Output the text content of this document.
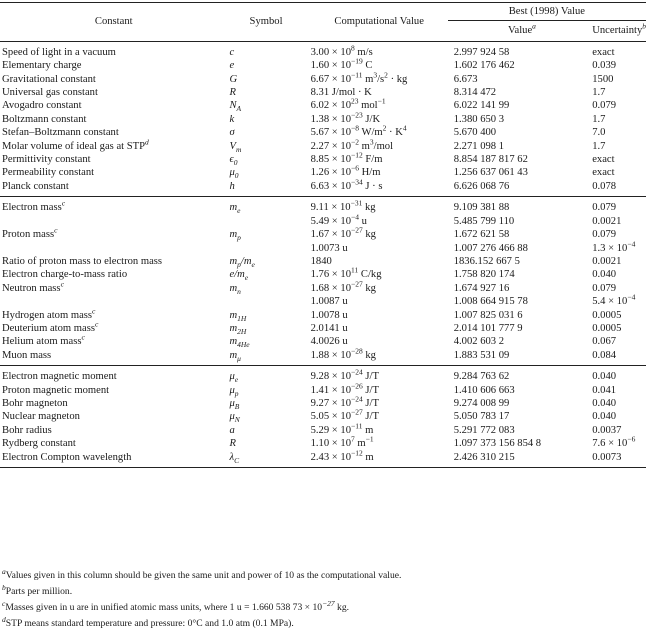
Constant	Symbol	Computational Value	Best (1998) Value	
			Value$^a$	Uncertainty$^b$
Speed of light in a vacuum	c	$3.00 \times 10^8$ m/s	2.997 924 58	exact
Elementary charge	e	$1.60 \times 10^{-19}$ C	1.602 176 462	0.039
Gravitational constant	G	$6.67 \times 10^{-11}$ $m^3/s^2$ · kg	6.673	1500
Universal gas constant	R	8.31 J/mol · K	8.314 472	1.7
Avogadro constant	$N_A$	$6.02 \times 10^{23}$ mol$^{-1}$	6.022 141 99	0.079
Boltzmann constant	k	$1.38 \times 10^{-23}$ J/K	1.380 650 3	1.7
Stefan–Boltzmann constant	σ	$5.67 \times 10^{-8}$ $W/m^2 \cdot K^4$	5.670 400	7.0
Molar volume of ideal gas at STP$^d$	$V_m$	$2.27 \times 10^{-2}$ $m^3$/mol	2.271 098 1	1.7
Permittivity constant	$\epsilon_0$	$8.85 \times 10^{-12}$ F/m	8.854 187 817 62	exact
Permeability constant	$\mu_0$	$1.26 \times 10^{-6}$ H/m	1.256 637 061 43	exact
Planck constant	h	$6.63 \times 10^{-34}$ J · s	6.626 068 76	0.078
Electron mass$^c$	$m_e$	$9.11 \times 10^{-31}$ kg	9.109 381 88	0.079
		$5.49 \times 10^{-4}$ u	5.485 799 110	0.0021
Proton mass$^c$	$m_p$	$1.67 \times 10^{-27}$ kg	1.672 621 58	0.079
		1.0073 u	1.007 276 466 88	$1.3 \times 10^{-4}$
Ratio of proton mass to electron mass	$m_p/m_e$	1840	1836.152 667 5	0.0021
Electron charge-to-mass ratio	$e/m_e$	$1.76 \times 10^{11}$ C/kg	1.758 820 174	0.040
Neutron mass$^c$	$m_n$	$1.68 \times 10^{-27}$ kg	1.674 927 16	0.079
		1.0087 u	1.008 664 915 78	$5.4 \times 10^{-4}$
Hydrogen atom mass$^c$	$m_{1H}$	1.0078 u	1.007 825 031 6	0.0005
Deuterium atom mass$^c$	$m_{2H}$	2.0141 u	2.014 101 777 9	0.0005
Helium atom mass$^c$	$m_{4He}$	4.0026 u	4.002 603 2	0.067
Muon mass	$m_\mu$	$1.88 \times 10^{-28}$ kg	1.883 531 09	0.084
Electron magnetic moment	$\mu_e$	$9.28 \times 10^{-24}$ J/T	9.284 763 62	0.040
Proton magnetic moment	$\mu_p$	$1.41 \times 10^{-26}$ J/T	1.410 606 663	0.041
Bohr magneton	$\mu_B$	$9.27 \times 10^{-24}$ J/T	9.274 008 99	0.040
Nuclear magneton	$\mu_N$	$5.05 \times 10^{-27}$ J/T	5.050 783 17	0.040
Bohr radius	a	$5.29 \times 10^{-11}$ m	5.291 772 083	0.0037
Rydberg constant	R	$1.10 \times 10^7$ $m^{-1}$	1.097 373 156 854 8	$7.6 \times 10^{-6}$
Electron Compton wavelength	$\lambda_C$	$2.43 \times 10^{-12}$ m	2.426 310 215	0.0073

$^a$Values given in this column should be given the same unit and power of 10 as the computational value.

$^b$Parts per million.

$^c$Masses given in u are in unified atomic mass units, where 1 u = 1.660 538 $73 \times 10^{-27}$ kg.

$^d$STP means standard temperature and pressure: 0°C and 1.0 atm (0.1 MPa).
